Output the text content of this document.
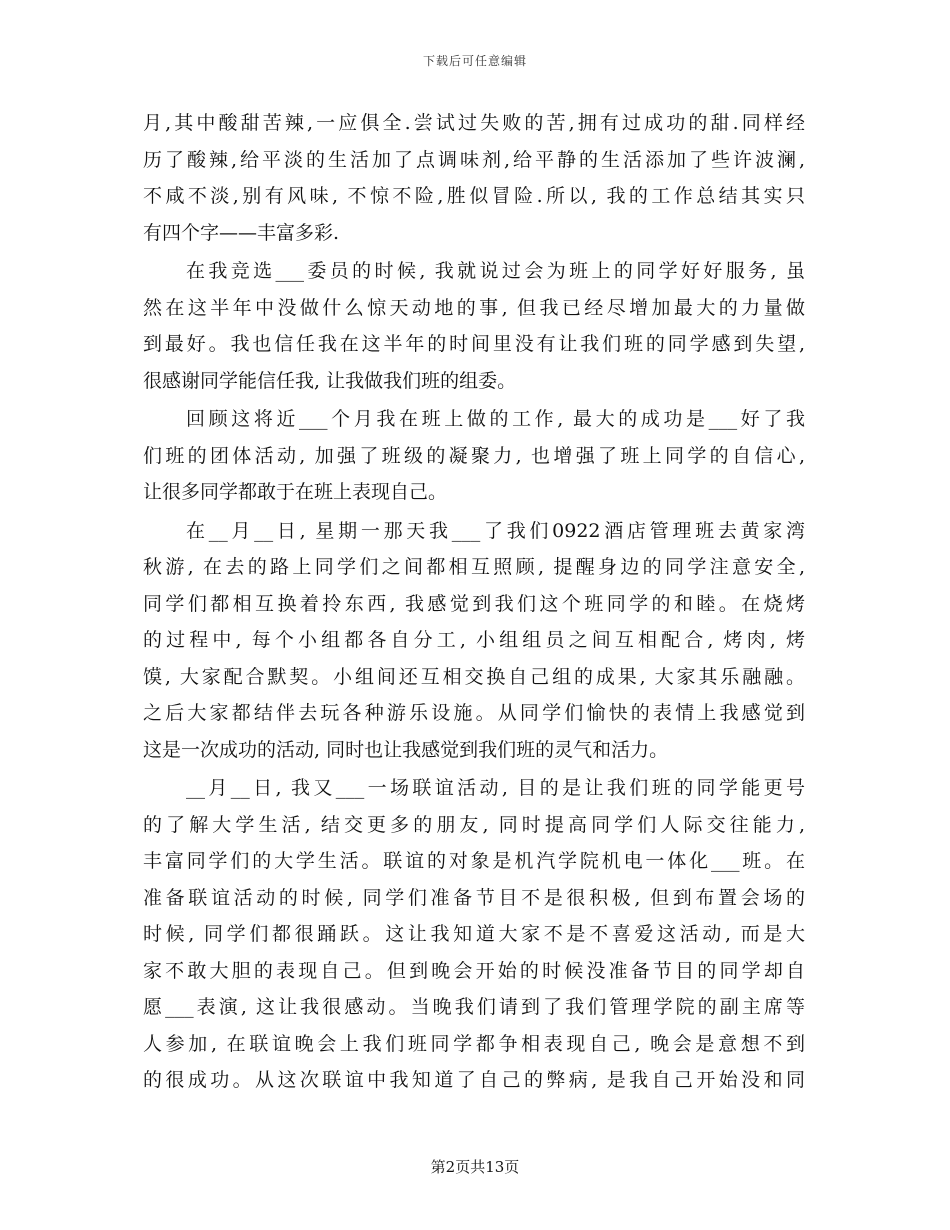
下载后可任意编辑
月,其中酸甜苦辣,一应俱全.尝试过失败的苦,拥有过成功的甜.同样经
历了酸辣,给平淡的生活加了点调味剂,给平静的生活添加了些许波澜,
不咸不淡,别有风味, 不惊不险,胜似冒险.所以, 我的工作总结其实只
有四个字——丰富多彩.
在我竞选___委员的时候, 我就说过会为班上的同学好好服务, 虽
然在这半年中没做什么惊天动地的事, 但我已经尽增加最大的力量做
到最好。我也信任我在这半年的时间里没有让我们班的同学感到失望,
很感谢同学能信任我, 让我做我们班的组委。
回顾这将近___个月我在班上做的工作, 最大的成功是___好了我
们班的团体活动, 加强了班级的凝聚力, 也增强了班上同学的自信心,
让很多同学都敢于在班上表现自己。
在__月__日, 星期一那天我___了我们0922酒店管理班去黄家湾
秋游, 在去的路上同学们之间都相互照顾, 提醒身边的同学注意安全,
同学们都相互换着拎东西, 我感觉到我们这个班同学的和睦。在烧烤
的过程中, 每个小组都各自分工, 小组组员之间互相配合, 烤肉, 烤
馍, 大家配合默契。小组间还互相交换自己组的成果, 大家其乐融融。
之后大家都结伴去玩各种游乐设施。从同学们愉快的表情上我感觉到
这是一次成功的活动, 同时也让我感觉到我们班的灵气和活力。
__月__日, 我又___一场联谊活动, 目的是让我们班的同学能更号
的了解大学生活, 结交更多的朋友, 同时提高同学们人际交往能力,
丰富同学们的大学生活。联谊的对象是机汽学院机电一体化___班。在
准备联谊活动的时候, 同学们准备节目不是很积极, 但到布置会场的
时候, 同学们都很踊跃。这让我知道大家不是不喜爱这活动, 而是大
家不敢大胆的表现自己。但到晚会开始的时候没准备节目的同学却自
愿___表演, 这让我很感动。当晚我们请到了我们管理学院的副主席等
人参加, 在联谊晚会上我们班同学都争相表现自己, 晚会是意想不到
的很成功。从这次联谊中我知道了自己的弊病, 是我自己开始没和同
第2页共13页
